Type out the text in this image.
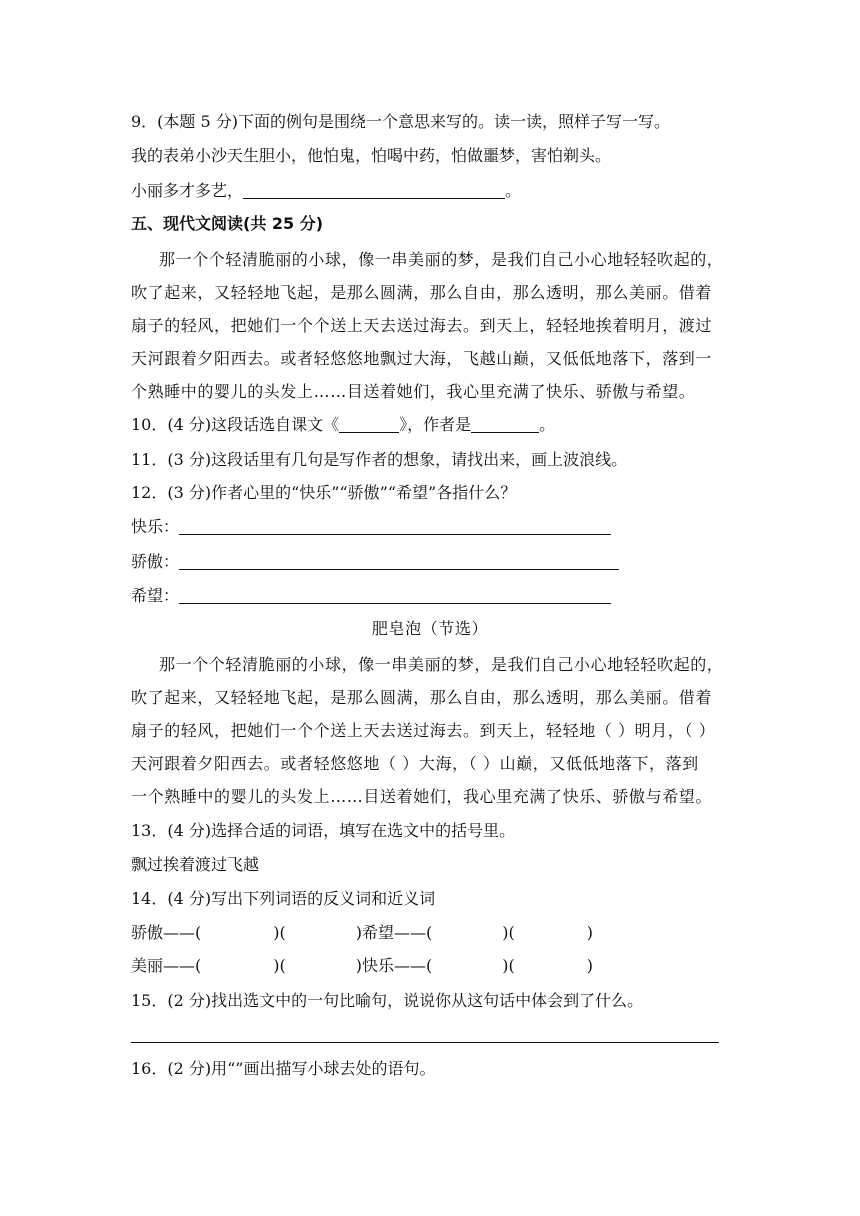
9．(本题 5 分)下面的例句是围绕一个意思来写的。读一读，照样子写一写。
我的表弟小沙天生胆小，他怕鬼，怕喝中药，怕做噩梦，害怕剃头。
小丽多才多艺，	。
五、现代文阅读(共 25 分)
那一个个轻清脆丽的小球，像一串美丽的梦，是我们自己小心地轻轻吹起的，
吹了起来，又轻轻地飞起，是那么圆满，那么自由，那么透明，那么美丽。借着
扇子的轻风，把她们一个个送上天去送过海去。到天上，轻轻地挨着明月，渡过
天河跟着夕阳西去。或者轻悠悠地飘过大海，飞越山巅，又低低地落下，落到一
个熟睡中的婴儿的头发上……目送着她们，我心里充满了快乐、骄傲与希望。
10．(4 分)这段话选自课文《	》，作者是	。
11．(3 分)这段话里有几句是写作者的想象，请找出来，画上波浪线。
12．(3 分)作者心里的“快乐”“骄傲”“希望”各指什么？
快乐：
骄傲：
希望：
肥皂泡（节选）
那一个个轻清脆丽的小球，像一串美丽的梦，是我们自己小心地轻轻吹起的，
吹了起来，又轻轻地飞起，是那么圆满，那么自由，那么透明，那么美丽。借着
扇子的轻风，把她们一个个送上天去送过海去。到天上，轻轻地（ ）明月，（ ）
天河跟着夕阳西去。或者轻悠悠地（ ）大海，（ ）山巅，又低低地落下，落到
一个熟睡中的婴儿的头发上……目送着她们，我心里充满了快乐、骄傲与希望。
13．(4 分)选择合适的词语，填写在选文中的括号里。
飘过挨着渡过飞越
14．(4 分)写出下列词语的反义词和近义词
骄傲——(	)(	)希望——(	)(	)
美丽——(	)(	)快乐——(	)(	)
15．(2 分)找出选文中的一句比喻句，说说你从这句话中体会到了什么。
16．(2 分)用“”画出描写小球去处的语句。
